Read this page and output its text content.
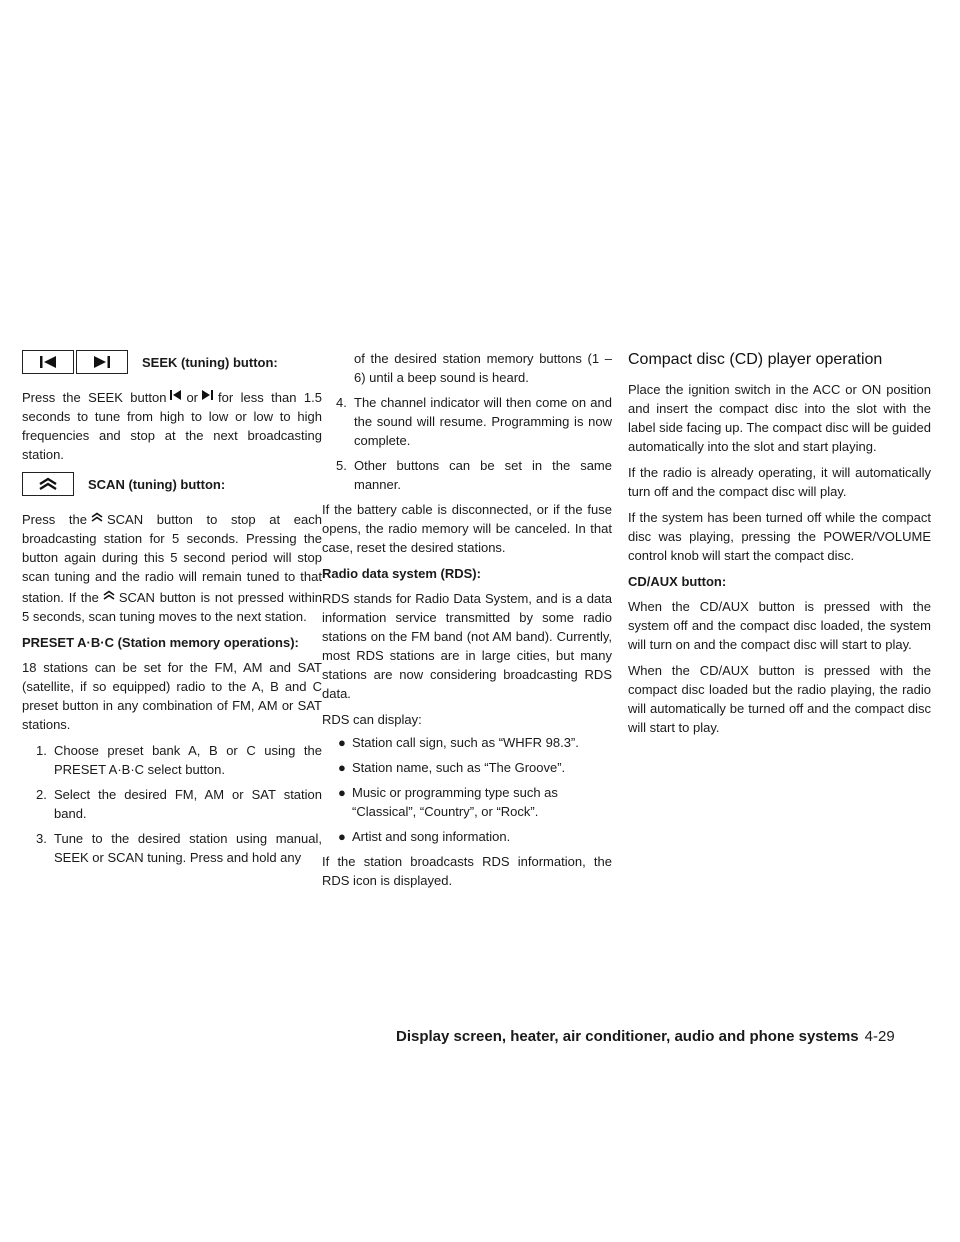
SEEK (tuning) button:

Press the SEEK button or for less than 1.5 seconds to tune from high to low or low to high frequencies and stop at the next broadcasting station.

SCAN (tuning) button:

Press the SCAN button to stop at each broadcasting station for 5 seconds. Pressing the button again during this 5 second period will stop scan tuning and the radio will remain tuned to that station. If the SCAN button is not pressed within 5 seconds, scan tuning moves to the next station.

PRESET A·B·C (Station memory operations):

18 stations can be set for the FM, AM and SAT (satellite, if so equipped) radio to the A, B and C preset button in any combination of FM, AM or SAT stations.

1. Choose preset bank A, B or C using the PRESET A·B·C select button.
2. Select the desired FM, AM or SAT station band.
3. Tune to the desired station using manual, SEEK or SCAN tuning. Press and hold any

of the desired station memory buttons (1 – 6) until a beep sound is heard.

4. The channel indicator will then come on and the sound will resume. Programming is now complete.
5. Other buttons can be set in the same manner.

If the battery cable is disconnected, or if the fuse opens, the radio memory will be canceled. In that case, reset the desired stations.

Radio data system (RDS):

RDS stands for Radio Data System, and is a data information service transmitted by some radio stations on the FM band (not AM band). Currently, most RDS stations are in large cities, but many stations are now considering broadcasting RDS data.

RDS can display:

● Station call sign, such as “WHFR 98.3”.
● Station name, such as “The Groove”.
● Music or programming type such as “Classical”, “Country”, or “Rock”.
● Artist and song information.

If the station broadcasts RDS information, the RDS icon is displayed.

Compact disc (CD) player operation

Place the ignition switch in the ACC or ON position and insert the compact disc into the slot with the label side facing up. The compact disc will be guided automatically into the slot and start playing.

If the radio is already operating, it will automatically turn off and the compact disc will play.

If the system has been turned off while the compact disc was playing, pressing the POWER/VOLUME control knob will start the compact disc.

CD/AUX button:

When the CD/AUX button is pressed with the system off and the compact disc loaded, the system will turn on and the compact disc will start to play.

When the CD/AUX button is pressed with the compact disc loaded but the radio playing, the radio will automatically be turned off and the compact disc will start to play.

Display screen, heater, air conditioner, audio and phone systems 4-29
